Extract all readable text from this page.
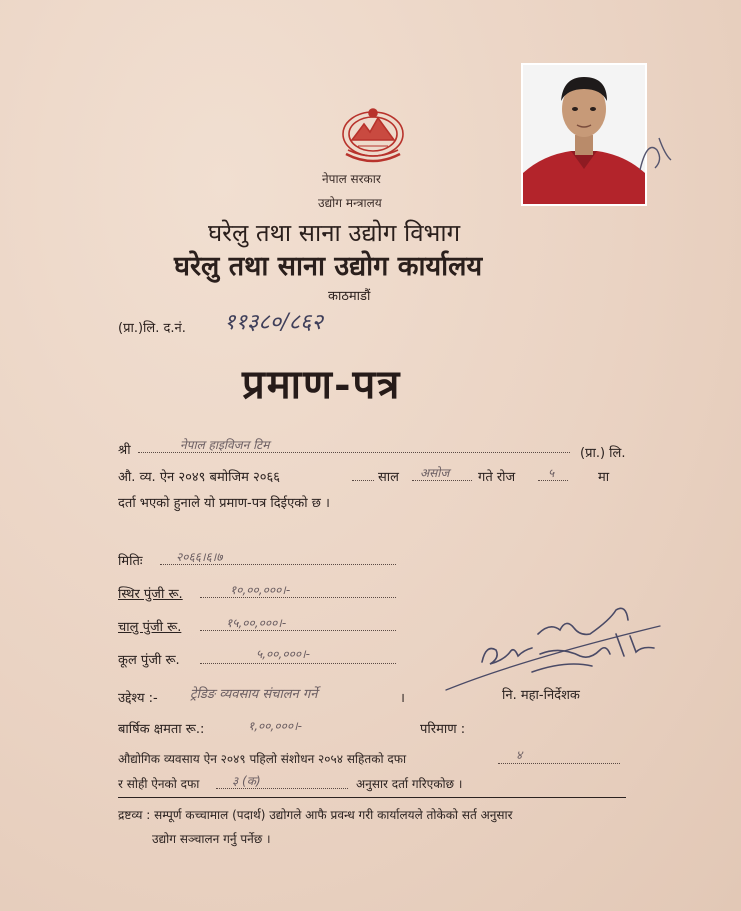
नेपाल सरकार
उद्योग मन्त्रालय
घरेलु तथा साना उद्योग विभाग
घरेलु तथा साना उद्योग कार्यालय
काठमाडौं
(प्रा.)लि. द.नं. ११३८०/८६२
प्रमाण-पत्र
श्री	नेपाल हाइविजन टिम
(प्रा.) लि.
औ. व्य. ऐन २०४९ बमोजिम २०६६	साल असोज गते रोज	५	मा
दर्ता भएको हुनाले यो प्रमाण-पत्र दिईएको छ ।
मितिः	२०६६।६।७
स्थिर पुंजी रू.	१०,००,०००।-
चालु पुंजी रू.	१५,००,०००।-
कूल पुंजी रू.	५,००,०००।-
उद्देश्य :- ट्रेडिङ व्यवसाय संचालन गर्ने	।
बार्षिक क्षमता रू.:	१,००,०००।-	परिमाण :
औद्योगिक व्यवसाय ऐन २०४९ पहिलो संशोधन २०५४ सहितको दफा	४
र सोही ऐनको दफा	३ (क)	अनुसार दर्ता गरिएकोछ ।
नि. महा-निर्देशक
द्रष्टव्य : सम्पूर्ण कच्चामाल (पदार्थ) उद्योगले आफै प्रवन्ध गरी कार्यालयले तोकेको सर्त अनुसार
उद्योग सञ्चालन गर्नु पर्नेछ ।
